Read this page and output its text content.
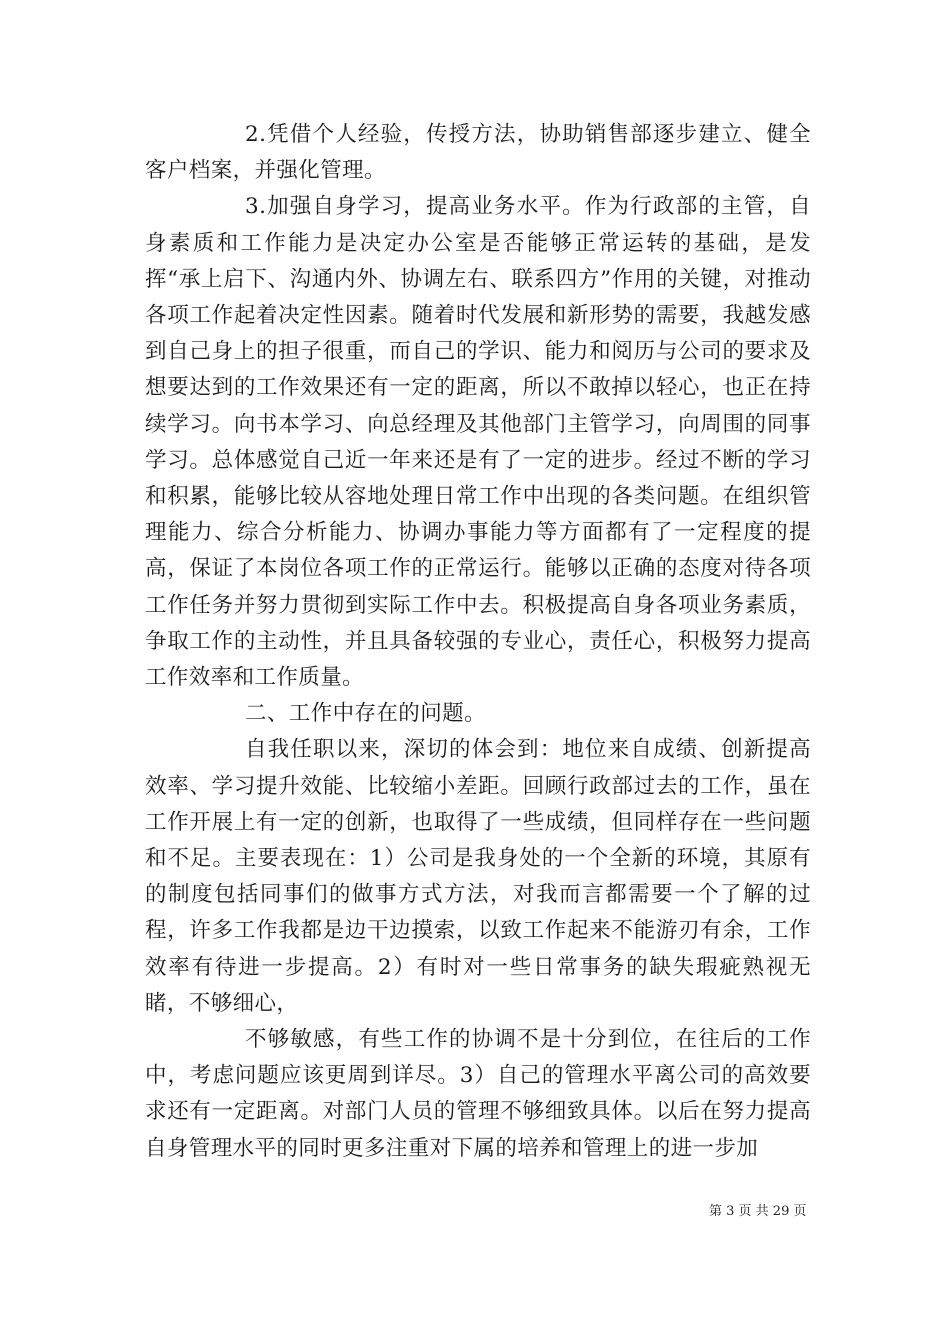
2.凭借个人经验，传授方法，协助销售部逐步建立、健全客户档案，并强化管理。

3.加强自身学习，提高业务水平。作为行政部的主管，自身素质和工作能力是决定办公室是否能够正常运转的基础，是发挥“承上启下、沟通内外、协调左右、联系四方”作用的关键，对推动各项工作起着决定性因素。随着时代发展和新形势的需要，我越发感到自己身上的担子很重，而自己的学识、能力和阅历与公司的要求及想要达到的工作效果还有一定的距离，所以不敢掉以轻心，也正在持续学习。向书本学习、向总经理及其他部门主管学习，向周围的同事学习。总体感觉自己近一年来还是有了一定的进步。经过不断的学习和积累，能够比较从容地处理日常工作中出现的各类问题。在组织管理能力、综合分析能力、协调办事能力等方面都有了一定程度的提高，保证了本岗位各项工作的正常运行。能够以正确的态度对待各项工作任务并努力贯彻到实际工作中去。积极提高自身各项业务素质，争取工作的主动性，并且具备较强的专业心，责任心，积极努力提高工作效率和工作质量。

二、工作中存在的问题。

自我任职以来，深切的体会到：地位来自成绩、创新提高效率、学习提升效能、比较缩小差距。回顾行政部过去的工作，虽在工作开展上有一定的创新，也取得了一些成绩，但同样存在一些问题和不足。主要表现在：1）公司是我身处的一个全新的环境，其原有的制度包括同事们的做事方式方法，对我而言都需要一个了解的过程，许多工作我都是边干边摸索，以致工作起来不能游刃有余，工作效率有待进一步提高。2）有时对一些日常事务的缺失瑕疵熟视无睹，不够细心，

不够敏感，有些工作的协调不是十分到位，在往后的工作中，考虑问题应该更周到详尽。3）自己的管理水平离公司的高效要求还有一定距离。对部门人员的管理不够细致具体。以后在努力提高自身管理水平的同时更多注重对下属的培养和管理上的进一步加

第 3 页 共 29 页
